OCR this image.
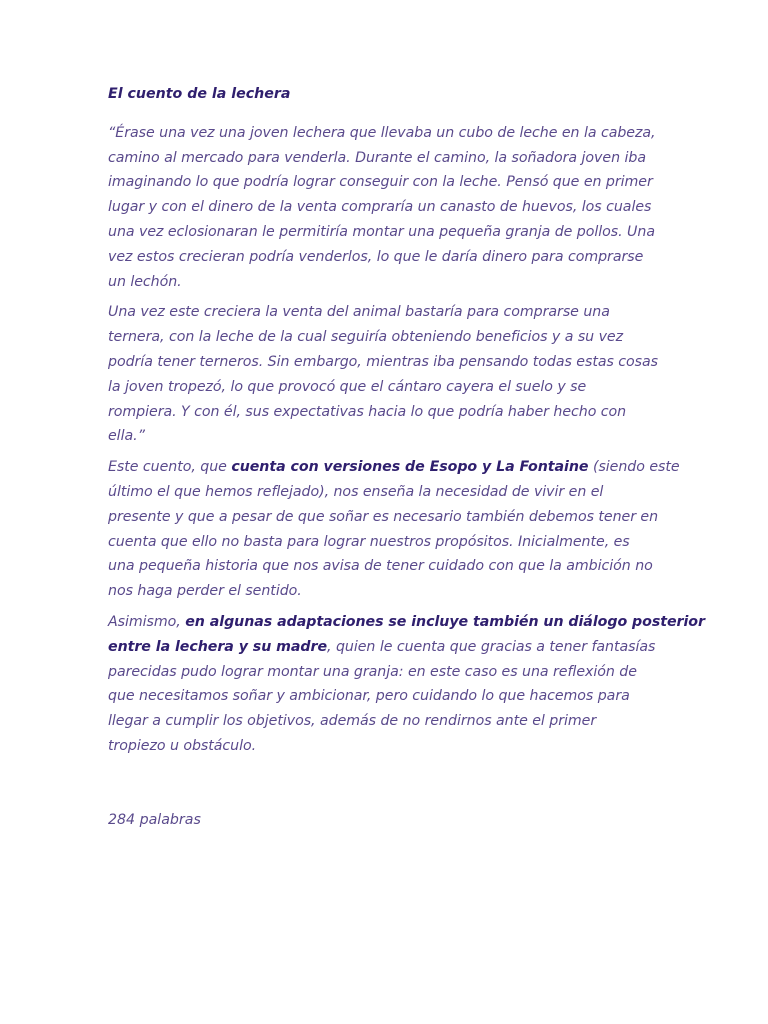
El cuento de la lechera
“Érase una vez una joven lechera que llevaba un cubo de leche en la cabeza,
camino al mercado para venderla. Durante el camino, la soñadora joven iba
imaginando lo que podría lograr conseguir con la leche. Pensó que en primer
lugar y con el dinero de la venta compraría un canasto de huevos, los cuales
una vez eclosionaran le permitiría montar una pequeña granja de pollos. Una
vez estos crecieran podría venderlos, lo que le daría dinero para comprarse
un lechón.
Una vez este creciera la venta del animal bastaría para comprarse una
ternera, con la leche de la cual seguiría obteniendo beneficios y a su vez
podría tener terneros. Sin embargo, mientras iba pensando todas estas cosas
la joven tropezó, lo que provocó que el cántaro cayera el suelo y se
rompiera. Y con él, sus expectativas hacia lo que podría haber hecho con
ella.”
Este cuento, que cuenta con versiones de Esopo y La Fontaine (siendo este
último el que hemos reflejado), nos enseña la necesidad de vivir en el
presente y que a pesar de que soñar es necesario también debemos tener en
cuenta que ello no basta para lograr nuestros propósitos. Inicialmente, es
una pequeña historia que nos avisa de tener cuidado con que la ambición no
nos haga perder el sentido.
Asimismo, en algunas adaptaciones se incluye también un diálogo posterior
entre la lechera y su madre, quien le cuenta que gracias a tener fantasías
parecidas pudo lograr montar una granja: en este caso es una reflexión de
que necesitamos soñar y ambicionar, pero cuidando lo que hacemos para
llegar a cumplir los objetivos, además de no rendirnos ante el primer
tropiezo u obstáculo.
284 palabras
